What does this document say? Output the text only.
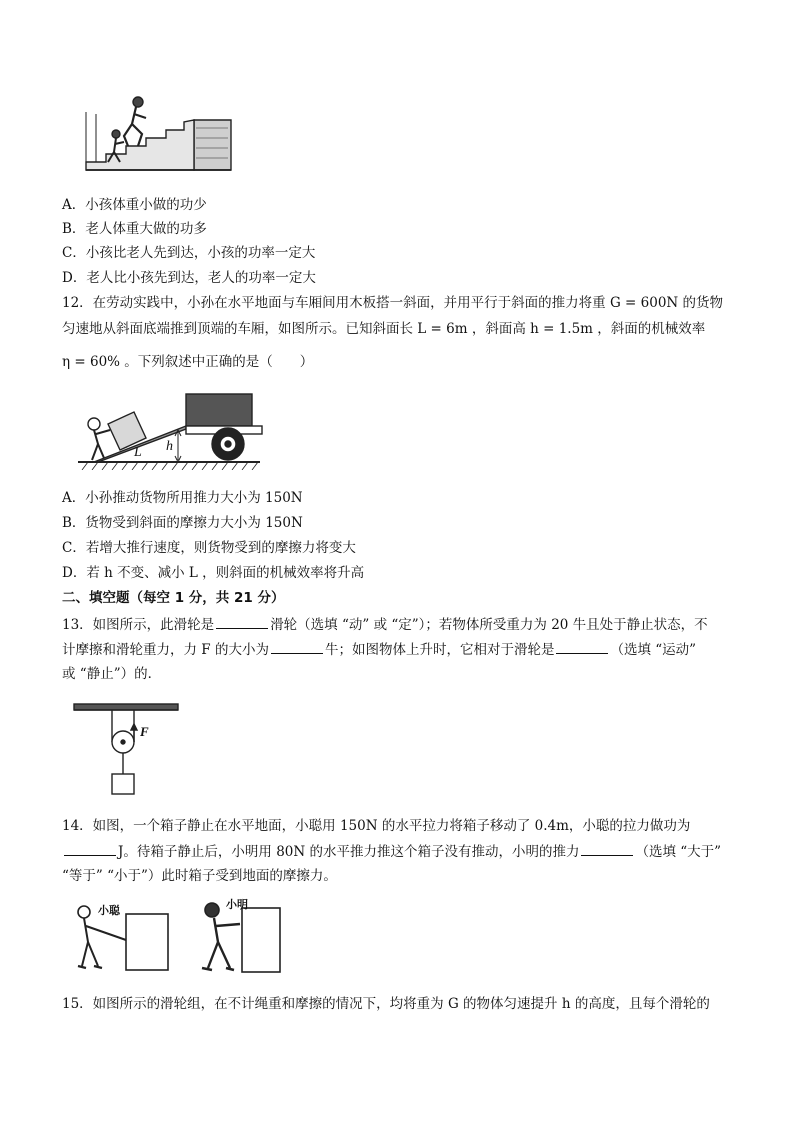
A．小孩体重小做的功少
B．老人体重大做的功多
C．小孩比老人先到达，小孩的功率一定大
D．老人比小孩先到达，老人的功率一定大
12．在劳动实践中，小孙在水平地面与车厢间用木板搭一斜面，并用平行于斜面的推力将重 G = 600N 的货物
匀速地从斜面底端推到顶端的车厢，如图所示。已知斜面长 L = 6m ，斜面高 h = 1.5m ，斜面的机械效率
η = 60% 。下列叙述中正确的是（　　）
L h
A．小孙推动货物所用推力大小为 150N
B．货物受到斜面的摩擦力大小为 150N
C．若增大推行速度，则货物受到的摩擦力将变大
D．若 h 不变、减小 L ，则斜面的机械效率将升高
二、填空题（每空 1 分，共 21 分）
13．如图所示，此滑轮是	滑轮（选填 “动” 或 “定”）；若物体所受重力为 20 牛且处于静止状态，不
计摩擦和滑轮重力，力 F 的大小为	牛；如图物体上升时，它相对于滑轮是	（选填 “运动”
或 “静止”）的．
F
14．如图，一个箱子静止在水平地面，小聪用 150N 的水平拉力将箱子移动了 0.4m，小聪的拉力做功为
J。待箱子静止后，小明用 80N 的水平推力推这个箱子没有推动，小明的推力	（选填 “大于”
“等于” “小于”）此时箱子受到地面的摩擦力。
小聪	小明
15．如图所示的滑轮组，在不计绳重和摩擦的情况下，均将重为 G 的物体匀速提升 h 的高度，且每个滑轮的
